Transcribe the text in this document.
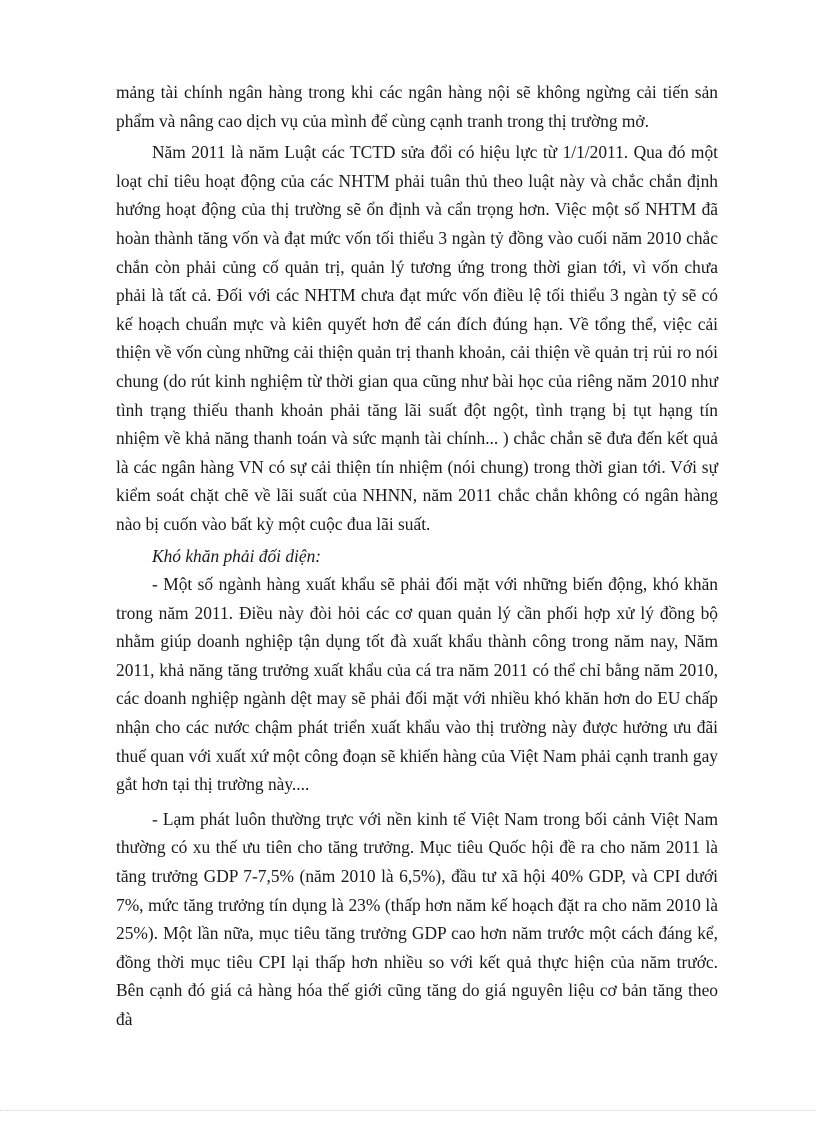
mảng tài chính ngân hàng trong khi các ngân hàng nội sẽ không ngừng cải tiến sản phẩm và nâng cao dịch vụ của mình để cùng cạnh tranh trong thị trường mở.

Năm 2011 là năm Luật các TCTD sửa đổi có hiệu lực từ 1/1/2011. Qua đó một loạt chỉ tiêu hoạt động của các NHTM phải tuân thủ theo luật này và chắc chắn định hướng hoạt động của thị trường sẽ ổn định và cẩn trọng hơn. Việc một số NHTM đã hoàn thành tăng vốn và đạt mức vốn tối thiểu 3 ngàn tỷ đồng vào cuối năm 2010 chắc chắn còn phải củng cố quản trị, quản lý tương ứng trong thời gian tới, vì vốn chưa phải là tất cả. Đối với các NHTM chưa đạt mức vốn điều lệ tối thiểu 3 ngàn tỷ sẽ có kế hoạch chuẩn mực và kiên quyết hơn để cán đích đúng hạn. Về tổng thể, việc cải thiện về vốn cùng những cải thiện quản trị thanh khoản, cải thiện về quản trị rủi ro nói chung (do rút kinh nghiệm từ thời gian qua cũng như bài học của riêng năm 2010 như tình trạng thiếu thanh khoản phải tăng lãi suất đột ngột, tình trạng bị tụt hạng tín nhiệm về khả năng thanh toán và sức mạnh tài chính... ) chắc chắn sẽ đưa đến kết quả là các ngân hàng VN có sự cải thiện tín nhiệm (nói chung) trong thời gian tới. Với sự kiểm soát chặt chẽ về lãi suất của NHNN, năm 2011 chắc chắn không có ngân hàng nào bị cuốn vào bất kỳ một cuộc đua lãi suất.

Khó khăn phải đối diện:

- Một số ngành hàng xuất khẩu sẽ phải đối mặt với những biến động, khó khăn trong năm 2011. Điều này đòi hỏi các cơ quan quản lý cần phối hợp xử lý đồng bộ nhằm giúp doanh nghiệp tận dụng tốt đà xuất khẩu thành công trong năm nay, Năm 2011, khả năng tăng trưởng xuất khẩu của cá tra năm 2011 có thể chỉ bằng năm 2010, các doanh nghiệp ngành dệt may sẽ phải đối mặt với nhiều khó khăn hơn do EU chấp nhận cho các nước chậm phát triển xuất khẩu vào thị trường này được hưởng ưu đãi thuế quan với xuất xứ một công đoạn sẽ khiến hàng của Việt Nam phải cạnh tranh gay gắt hơn tại thị trường này....

- Lạm phát luôn thường trực với nền kinh tế Việt Nam trong bối cảnh Việt Nam thường có xu thế ưu tiên cho tăng trưởng. Mục tiêu Quốc hội đề ra cho năm 2011 là tăng trưởng GDP 7-7,5% (năm 2010 là 6,5%), đầu tư xã hội 40% GDP, và CPI dưới 7%, mức tăng trưởng tín dụng là 23% (thấp hơn năm kế hoạch đặt ra cho năm 2010 là 25%). Một lần nữa, mục tiêu tăng trưởng GDP cao hơn năm trước một cách đáng kể, đồng thời mục tiêu CPI lại thấp hơn nhiều so với kết quả thực hiện của năm trước. Bên cạnh đó giá cả hàng hóa thế giới cũng tăng do giá nguyên liệu cơ bản tăng theo đà
